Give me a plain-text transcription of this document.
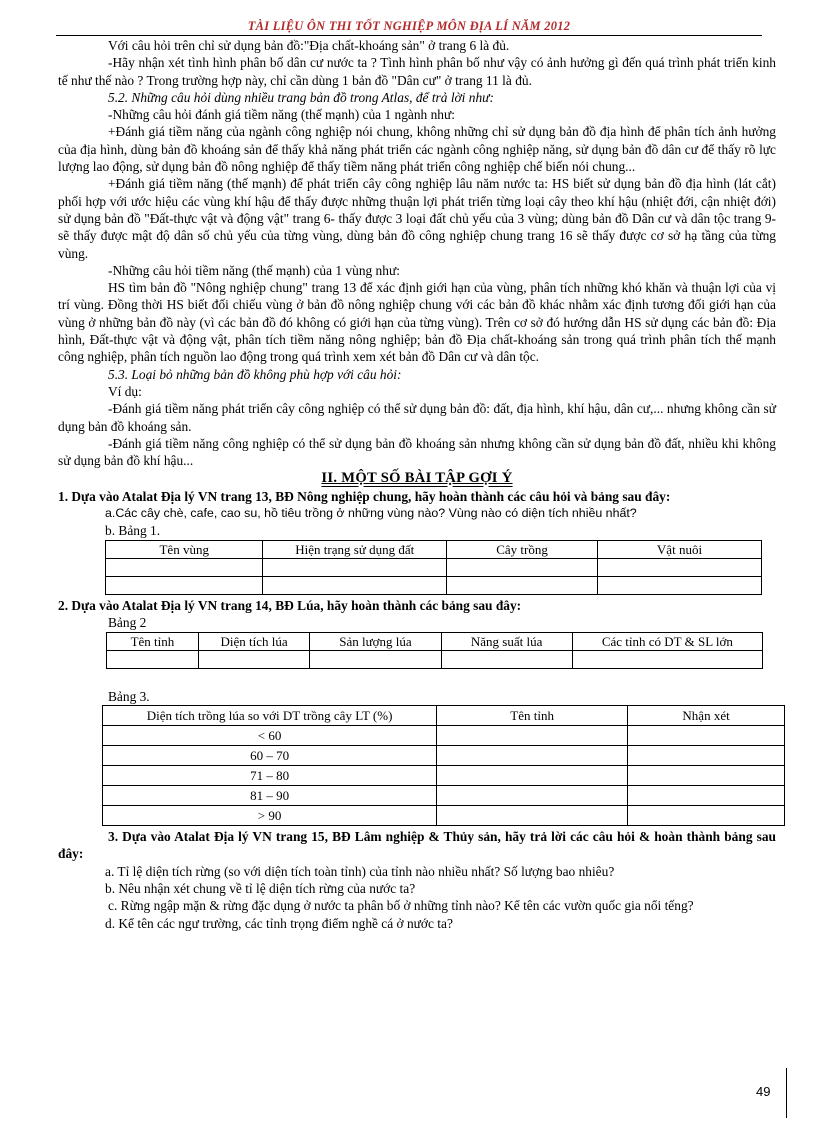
TÀI LIỆU ÔN THI TỐT NGHIỆP MÔN ĐỊA LÍ NĂM 2012

Với câu hỏi trên chỉ sử dụng bản đồ:"Địa chất-khoáng sản" ở trang 6 là đủ.

-Hãy nhận xét tình hình phân bố dân cư nước ta ? Tình hình phân bố như vậy có ảnh hưởng gì đến quá trình phát triển kinh tế như thế nào ? Trong trường hợp này, chỉ cần dùng 1 bản đồ "Dân cư" ở trang 11 là đủ.

5.2. Những câu hỏi dùng nhiều trang bản đồ trong Atlas, để trả lời như:

-Những câu hỏi đánh giá tiềm năng (thế mạnh) của 1 ngành như:

+Đánh giá tiềm năng của ngành công nghiệp nói chung, không những chỉ sử dụng bản đồ địa hình để phân tích ảnh hưởng của địa hình, dùng bản đồ khoáng sản để thấy khả năng phát triển các ngành công nghiệp năng, sử dụng bản đồ dân cư để thấy rõ lực lượng lao động, sử dụng bản đồ nông nghiệp để thấy tiềm năng phát triển công nghiệp chế biến nói chung...

+Đánh giá tiềm năng (thế mạnh) để phát triển cây công nghiệp lâu năm nước ta: HS biết sử dụng bản đồ địa hình (lát cắt) phối hợp với ước hiệu các vùng khí hậu để thấy được những thuận lợi phát triển từng loại cây theo khí hậu (nhiệt đới, cận nhiệt đới) sử dụng bản đồ "Đất-thực vật và động vật" trang 6- thấy được 3 loại đất chủ yếu của 3 vùng; dùng bản đồ Dân cư và dân tộc trang 9- sẽ thấy được mật độ dân số chủ yếu của từng vùng, dùng bản đồ công nghiệp chung trang 16 sẽ thấy được cơ sở hạ tầng của từng vùng.

-Những câu hỏi tiềm năng (thế mạnh) của 1 vùng như:

HS tìm bản đồ "Nông nghiệp chung" trang 13 để xác định giới hạn của vùng, phân tích những khó khăn và thuận lợi của vị trí vùng. Đồng thời HS biết đối chiếu vùng ở bản đồ nông nghiệp chung với các bản đồ khác nhằm xác định tương đối giới hạn của vùng ở những bản đồ này (vì các bản đồ đó không có giới hạn của từng vùng). Trên cơ sở đó hướng dẫn HS sử dụng các bản đồ: Địa hình, Đất-thực vật và động vật, phân tích tiềm năng nông nghiệp; bản đồ Địa chất-khoáng sản trong quá trình phân tích thế mạnh công nghiệp, phân tích nguồn lao động trong quá trình xem xét bản đồ Dân cư và dân tộc.

5.3. Loại bỏ những bản đồ không phù hợp với câu hỏi:

Ví dụ:

-Đánh giá tiềm năng phát triển cây công nghiệp có thể sử dụng bản đồ: đất, địa hình, khí hậu, dân cư,... nhưng không cần sử dụng bản đồ khoáng sản.

-Đánh giá tiềm năng công nghiệp có thể sử dụng bản đồ khoáng sản nhưng không cần sử dụng bản đồ đất, nhiều khi không sử dụng bản đồ khí hậu...

II. MỘT SỐ BÀI TẬP GỢI Ý

1. Dựa vào Atalat Địa lý VN trang 13, BĐ Nông nghiệp chung, hãy hoàn thành các câu hỏi và bảng sau đây:

a.Các cây chè, cafe, cao su, hồ tiêu trồng ở những vùng nào? Vùng nào có diện tích nhiều nhất?

b. Bảng 1.

Tên vùng	Hiện trạng sử dụng đất	Cây trồng	Vật nuôi

2. Dựa vào Atalat Địa lý VN trang 14, BĐ Lúa, hãy hoàn thành các bảng sau đây:

Bảng 2

Tên tỉnh	Diện tích lúa	Sản lượng lúa	Năng suất lúa	Các tỉnh có DT & SL lớn

Bảng 3.

Diện tích trồng lúa so với DT trồng cây LT (%)	Tên tỉnh	Nhận xét
< 60		
60 – 70		
71 – 80		
81 – 90		
> 90		

3. Dựa vào Atalat Địa lý VN trang 15, BĐ Lâm nghiệp & Thủy sản, hãy trả lời các câu hỏi & hoàn thành bảng sau đây:

a. Tỉ lệ diện tích rừng (so với diện tích toàn tỉnh) của tỉnh nào nhiều nhất? Số lượng bao nhiêu?

b. Nêu nhận xét chung về tỉ lệ diện tích rừng của nước ta?

c. Rừng ngập mặn & rừng đặc dụng ở nước ta phân bố ở những tỉnh nào? Kể tên các vườn quốc gia nổi tếng?

d. Kể tên các ngư trường, các tỉnh trọng điểm nghề cá ở nước ta?

49
